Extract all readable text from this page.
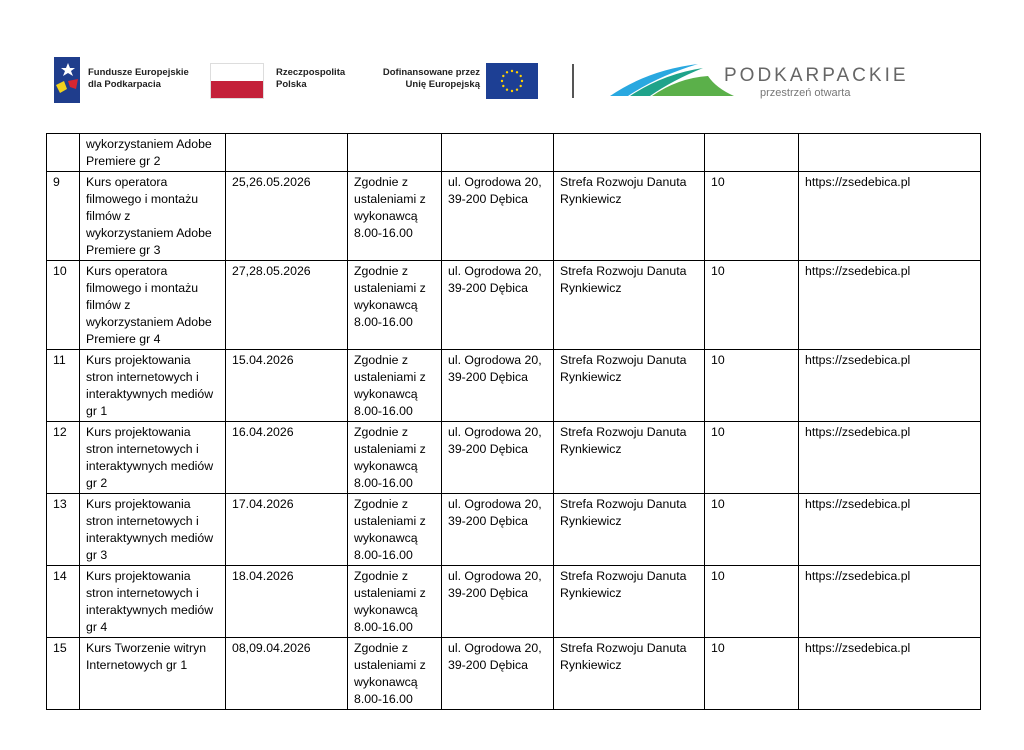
Fundusze Europejskie
dla Podkarpacia
Rzeczpospolita
Polska
Dofinansowane przez
Unię Europejską	PODKARPACKIE
przestrzeń otwarta
	wykorzystaniem Adobe Premiere gr 2						
9	Kurs operatora filmowego i montażu filmów z wykorzystaniem Adobe Premiere gr 3	25,26.05.2026	Zgodnie z ustaleniami z wykonawcą 8.00-16.00	ul. Ogrodowa 20, 39-200 Dębica	Strefa Rozwoju Danuta Rynkiewicz	10	https://zsedebica.pl
10	Kurs operatora filmowego i montażu filmów z wykorzystaniem Adobe Premiere gr 4	27,28.05.2026	Zgodnie z ustaleniami z wykonawcą 8.00-16.00	ul. Ogrodowa 20, 39-200 Dębica	Strefa Rozwoju Danuta Rynkiewicz	10	https://zsedebica.pl
11	Kurs projektowania stron internetowych i interaktywnych mediów gr 1	15.04.2026	Zgodnie z ustaleniami z wykonawcą 8.00-16.00	ul. Ogrodowa 20, 39-200 Dębica	Strefa Rozwoju Danuta Rynkiewicz	10	https://zsedebica.pl
12	Kurs projektowania stron internetowych i interaktywnych mediów gr 2	16.04.2026	Zgodnie z ustaleniami z wykonawcą 8.00-16.00	ul. Ogrodowa 20, 39-200 Dębica	Strefa Rozwoju Danuta Rynkiewicz	10	https://zsedebica.pl
13	Kurs projektowania stron internetowych i interaktywnych mediów gr 3	17.04.2026	Zgodnie z ustaleniami z wykonawcą 8.00-16.00	ul. Ogrodowa 20, 39-200 Dębica	Strefa Rozwoju Danuta Rynkiewicz	10	https://zsedebica.pl
14	Kurs projektowania stron internetowych i interaktywnych mediów gr 4	18.04.2026	Zgodnie z ustaleniami z wykonawcą 8.00-16.00	ul. Ogrodowa 20, 39-200 Dębica	Strefa Rozwoju Danuta Rynkiewicz	10	https://zsedebica.pl
15	Kurs Tworzenie witryn Internetowych gr 1	08,09.04.2026	Zgodnie z ustaleniami z wykonawcą 8.00-16.00	ul. Ogrodowa 20, 39-200 Dębica	Strefa Rozwoju Danuta Rynkiewicz	10	https://zsedebica.pl
